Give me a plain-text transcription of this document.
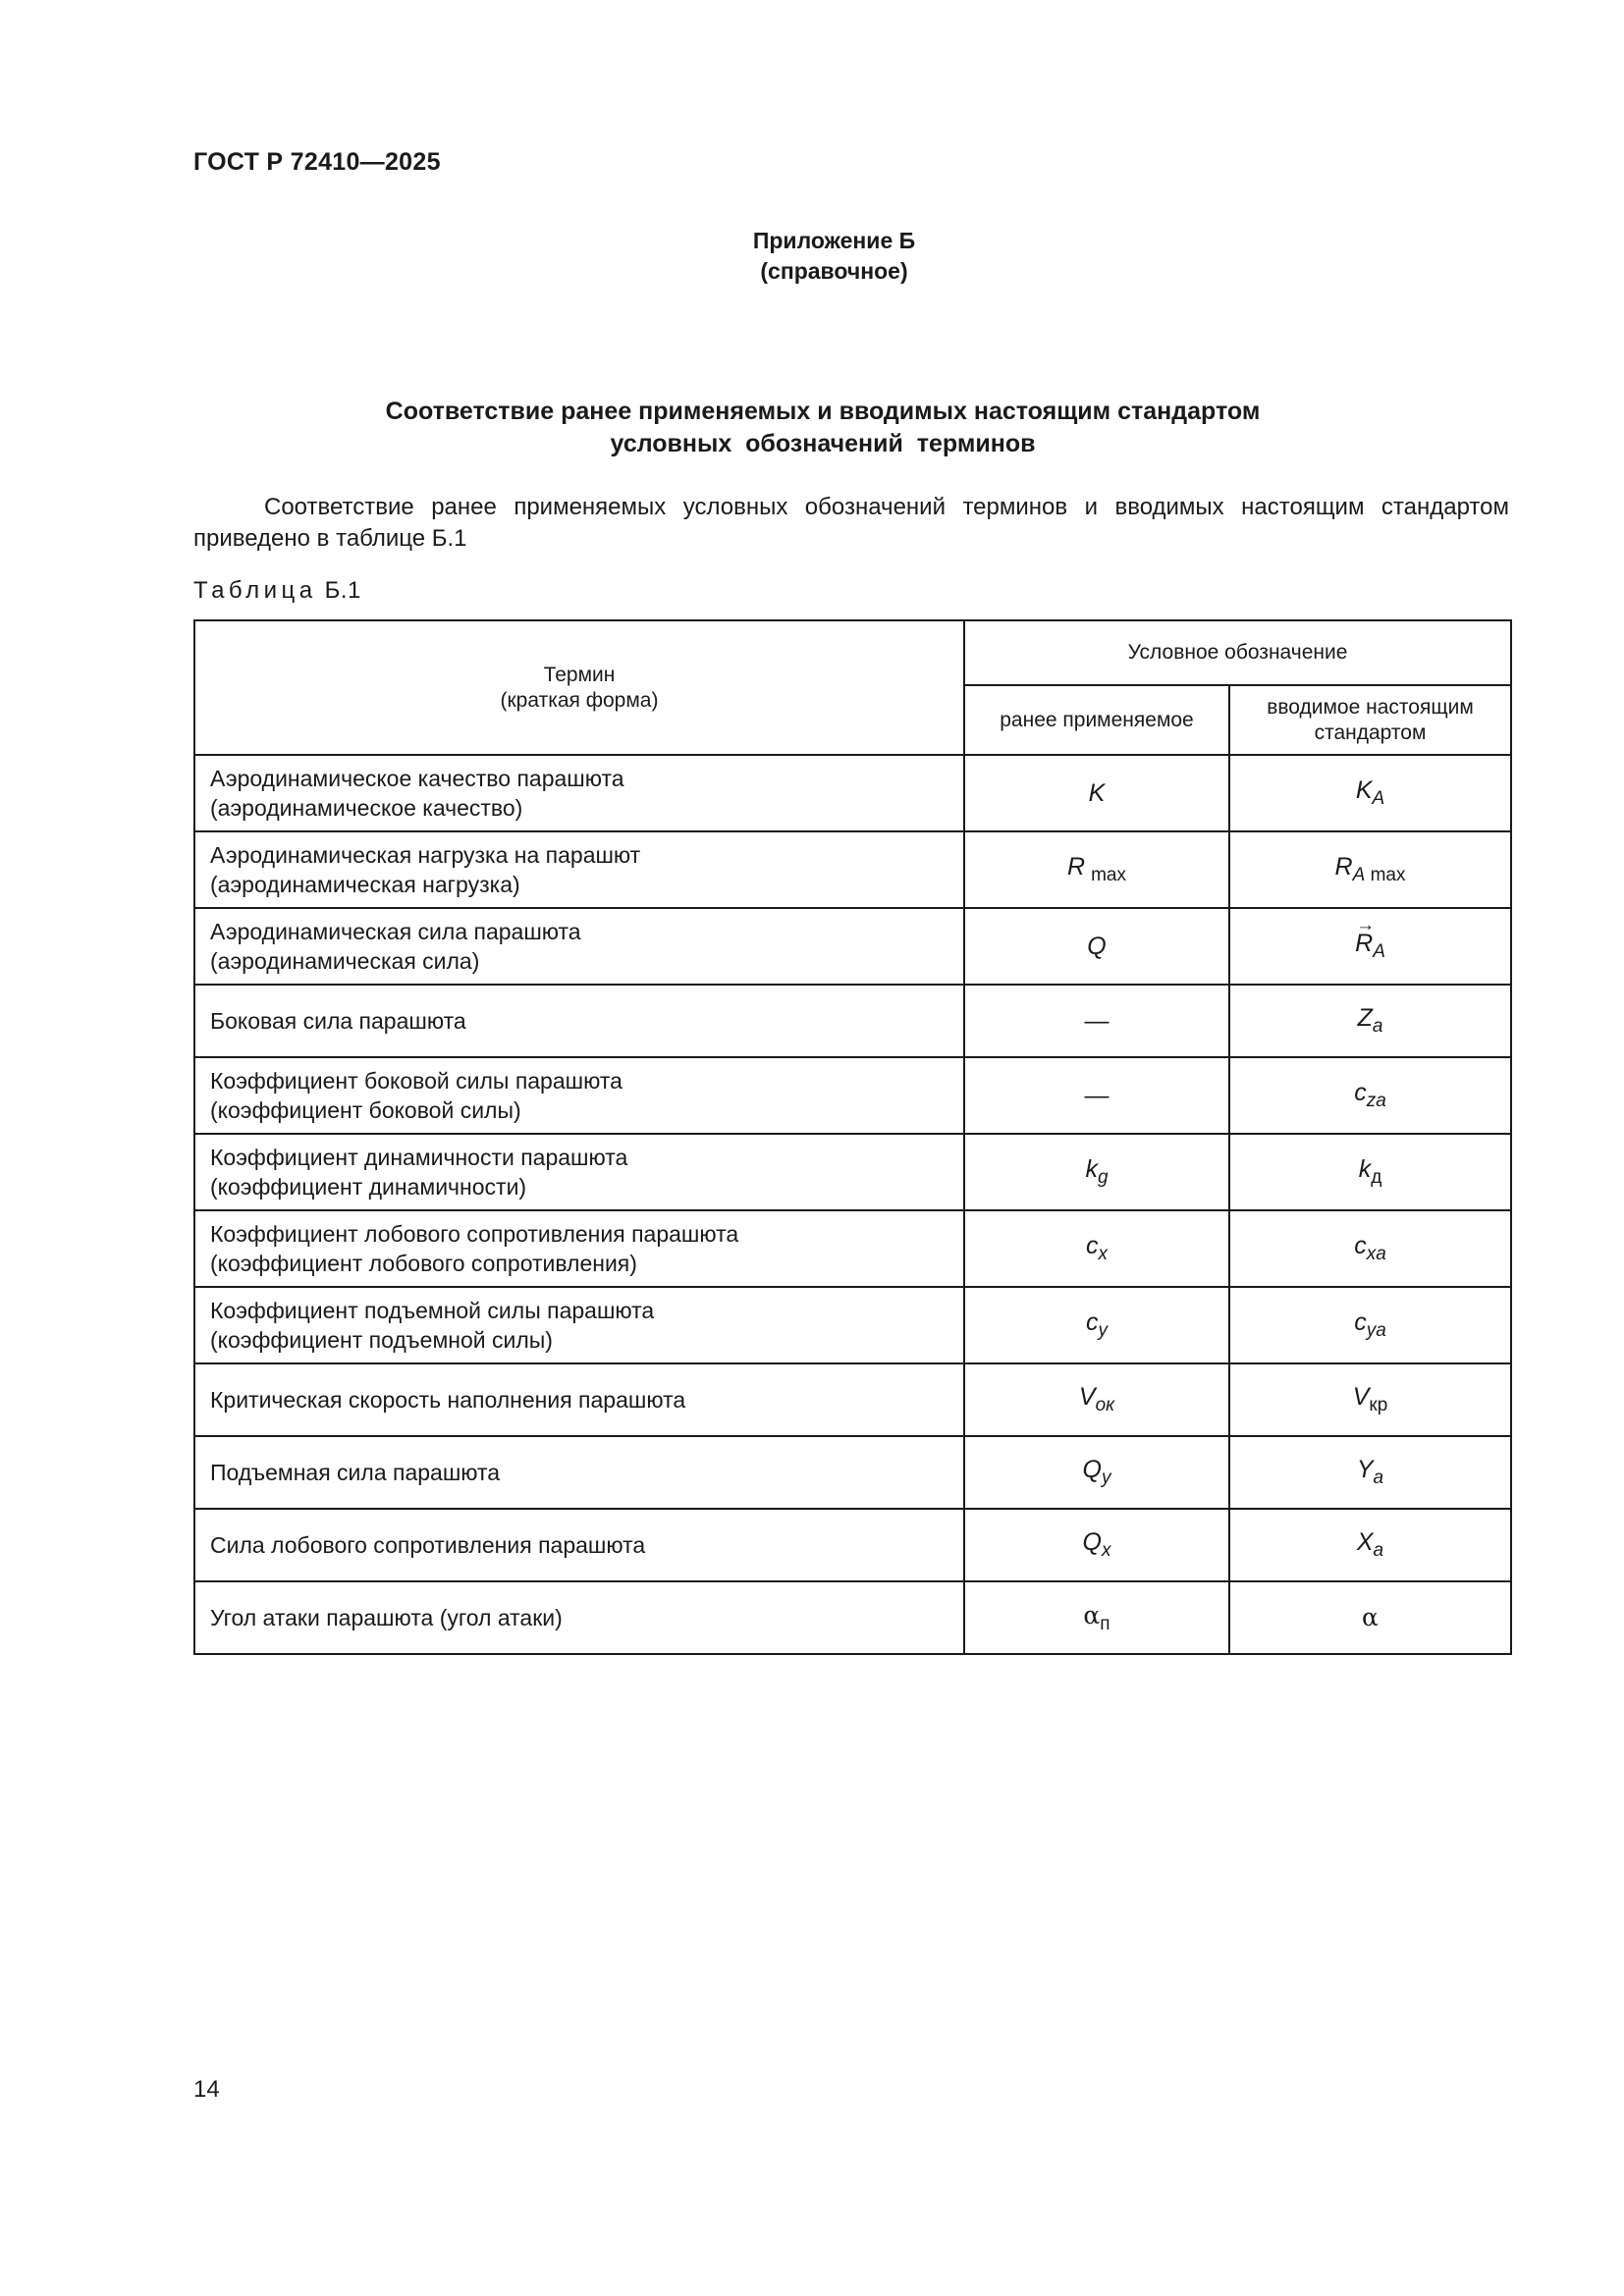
ГОСТ Р 72410—2025
Приложение Б
(справочное)
Соответствие ранее применяемых и вводимых настоящим стандартом
условных  обозначений  терминов
Соответствие ранее применяемых условных обозначений терминов и вводимых настоящим стандартом приведено в таблице Б.1
Таблица Б.1
Термин
(краткая форма)	Условное обозначение	
	ранее применяемое	вводимое настоящим
стандартом

Аэродинамическое качество парашюта
(аэродинамическое качество)	K	$K_A$

Аэродинамическая нагрузка на парашют
(аэродинамическая нагрузка)	R $_{max}$	$R_{A max}$

Аэродинамическая сила парашюта
(аэродинамическая сила)	Q	→ $R_A$

Боковая сила парашюта	—	$Z_a$

Коэффициент боковой силы парашюта
(коэффициент боковой силы)	—	$c_{za}$

Коэффициент динамичности парашюта
(коэффициент динамичности)	$k_g$	$k_д$

Коэффициент лобового сопротивления парашюта
(коэффициент лобового сопротивления)	$c_x$	$c_{xa}$

Коэффициент подъемной силы парашюта
(коэффициент подъемной силы)	$c_y$	$c_{ya}$

Критическая скорость наполнения парашюта	$V_{ок}$	$V_{кр}$

Подъемная сила парашюта	$Q_y$	$Y_a$

Сила лобового сопротивления парашюта	$Q_x$	$X_a$

Угол атаки парашюта (угол атаки)	$\alpha_п$	α
14
